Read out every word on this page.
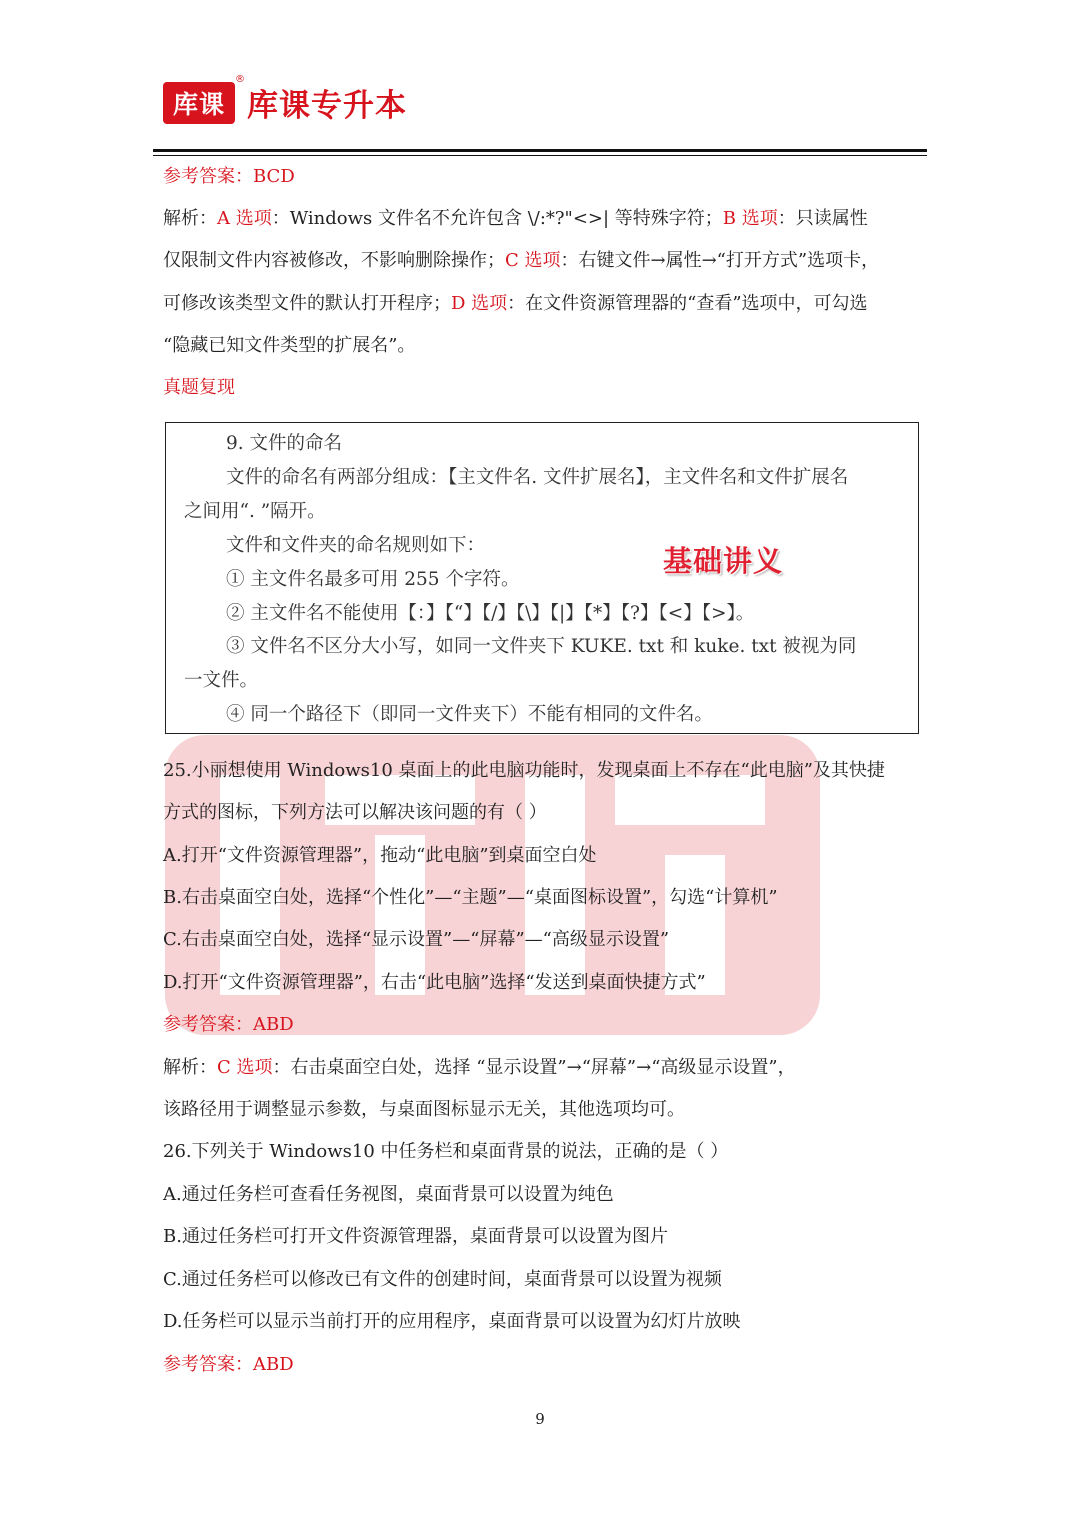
库课
®
库课专升本
参考答案：BCD
解析：A 选项：Windows 文件名不允许包含 \/:*?"<>| 等特殊字符；B 选项：只读属性
仅限制文件内容被修改，不影响删除操作；C 选项：右键文件→属性→“打开方式”选项卡，
可修改该类型文件的默认打开程序；D 选项：在文件资源管理器的“查看”选项中，可勾选
“隐藏已知文件类型的扩展名”。
真题复现
9. 文件的命名
文件的命名有两部分组成：【主文件名. 文件扩展名】，主文件名和文件扩展名
之间用“. ”隔开。
文件和文件夹的命名规则如下：
① 主文件名最多可用 255 个字符。
② 主文件名不能使用【：】【“】【/】【\】【|】【*】【?】【<】【>】。
③ 文件名不区分大小写，如同一文件夹下 KUKE. txt 和 kuke. txt 被视为同
一文件。
④ 同一个路径下（即同一文件夹下）不能有相同的文件名。
基础讲义
25.小丽想使用 Windows10 桌面上的此电脑功能时，发现桌面上不存在“此电脑”及其快捷
方式的图标，下列方法可以解决该问题的有（ ）
A.打开“文件资源管理器”，拖动“此电脑”到桌面空白处
B.右击桌面空白处，选择“个性化”—“主题”—“桌面图标设置”，勾选“计算机”
C.右击桌面空白处，选择“显示设置”—“屏幕”—“高级显示设置”
D.打开“文件资源管理器”，右击“此电脑”选择“发送到桌面快捷方式”
参考答案：ABD
解析：C 选项：右击桌面空白处，选择 “显示设置”→“屏幕”→“高级显示设置”，
该路径用于调整显示参数，与桌面图标显示无关，其他选项均可。
26.下列关于 Windows10 中任务栏和桌面背景的说法，正确的是（ ）
A.通过任务栏可查看任务视图，桌面背景可以设置为纯色
B.通过任务栏可打开文件资源管理器，桌面背景可以设置为图片
C.通过任务栏可以修改已有文件的创建时间，桌面背景可以设置为视频
D.任务栏可以显示当前打开的应用程序，桌面背景可以设置为幻灯片放映
参考答案：ABD
9
